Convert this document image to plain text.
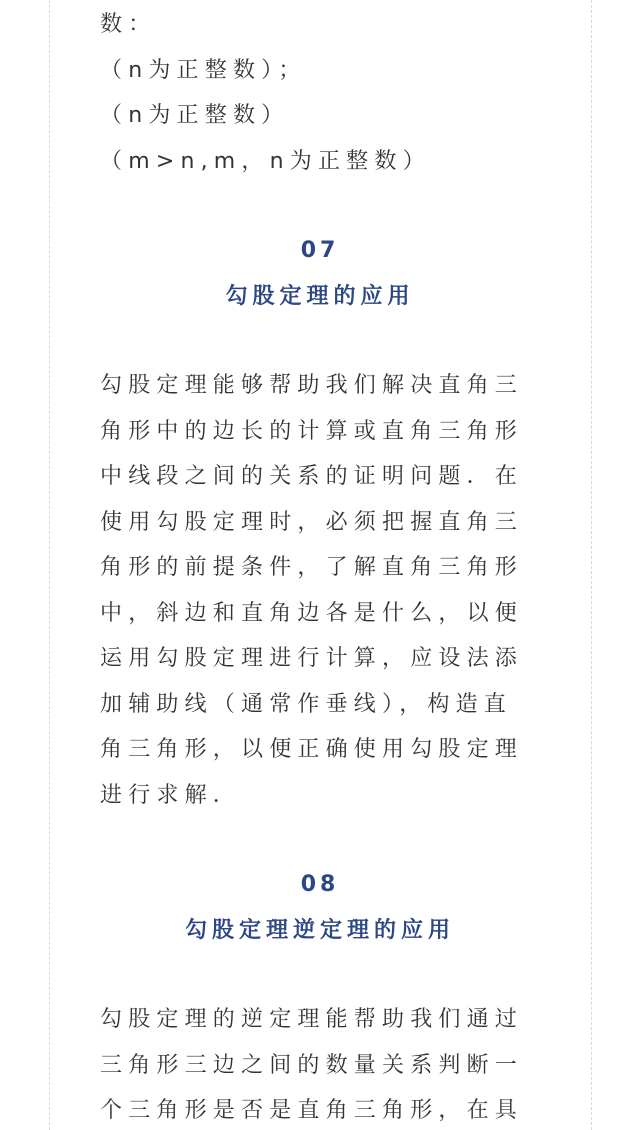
数：

（n为正整数）；

（n为正整数）

（m>n,m，n为正整数）

07
勾股定理的应用

勾股定理能够帮助我们解决直角三

角形中的边长的计算或直角三角形

中线段之间的关系的证明问题．在

使用勾股定理时，必须把握直角三

角形的前提条件，了解直角三角形

中，斜边和直角边各是什么，以便

运用勾股定理进行计算，应设法添

加辅助线（通常作垂线），构造直

角三角形，以便正确使用勾股定理

进行求解．

08
勾股定理逆定理的应用

勾股定理的逆定理能帮助我们通过

三角形三边之间的数量关系判断一

个三角形是否是直角三角形，在具
